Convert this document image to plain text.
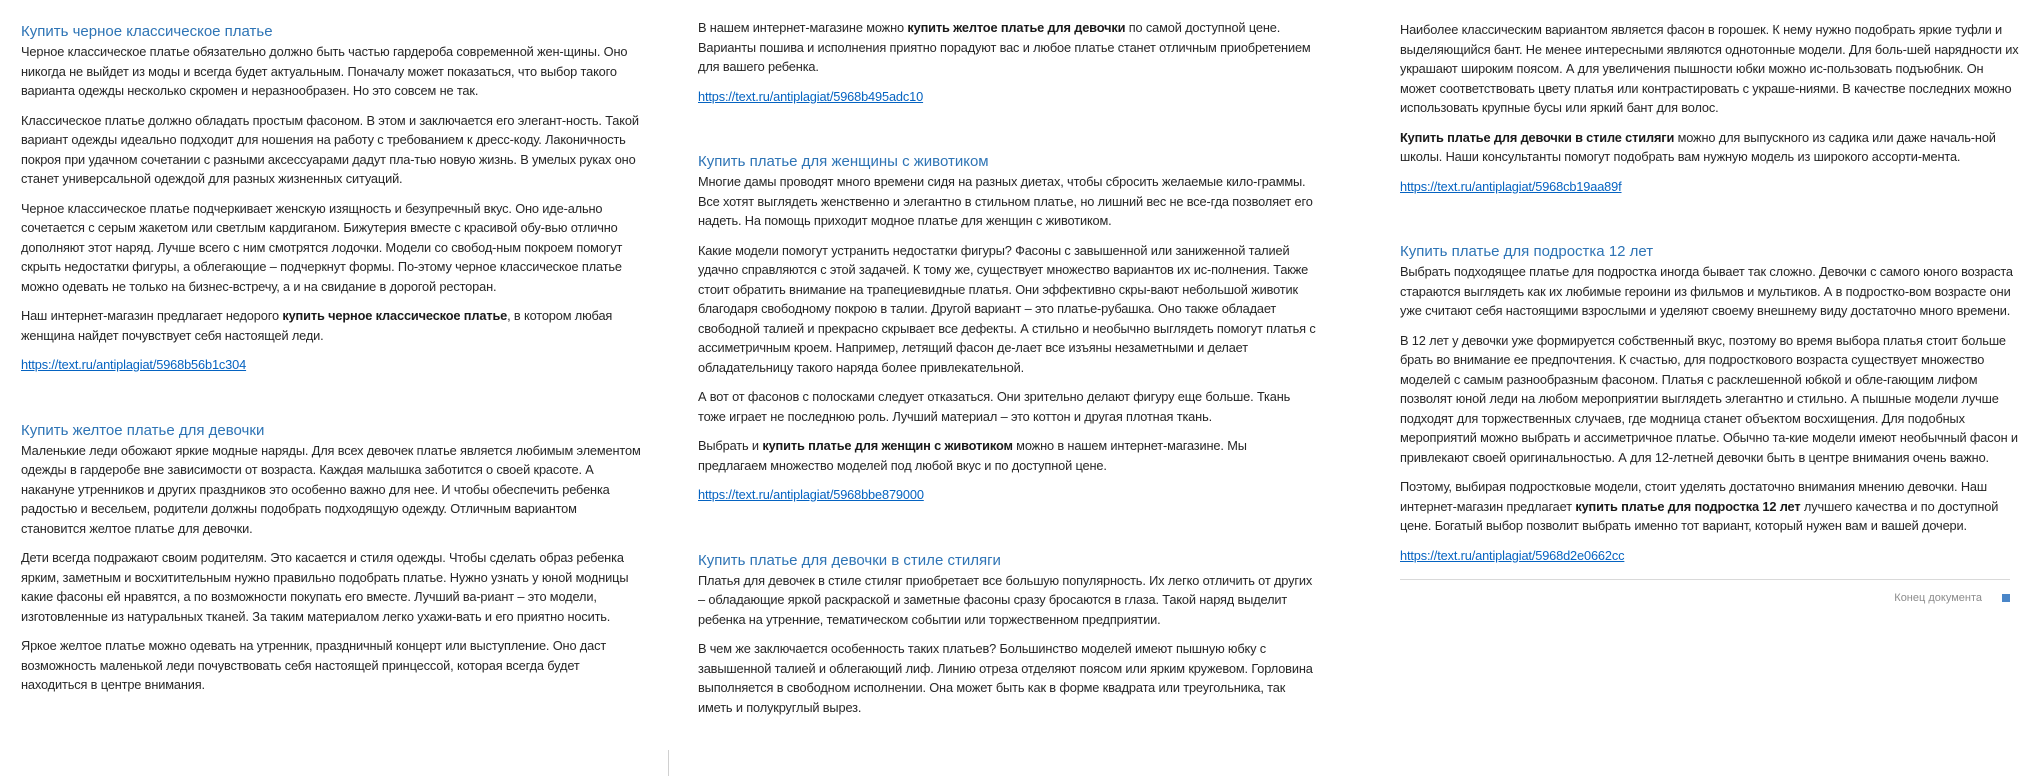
Купить черное классическое платье

Черное классическое платье обязательно должно быть частью гардероба современной жен-щины. Оно никогда не выйдет из моды и всегда будет актуальным. Поначалу может показаться, что выбор такого варианта одежды несколько скромен и неразнообразен. Но это совсем не так.

Классическое платье должно обладать простым фасоном. В этом и заключается его элегант-ность. Такой вариант одежды идеально подходит для ношения на работу с требованием к дресс-коду. Лаконичность покроя при удачном сочетании с разными аксессуарами дадут пла-тью новую жизнь. В умелых руках оно станет универсальной одеждой для разных жизненных ситуаций.

Черное классическое платье подчеркивает женскую изящность и безупречный вкус. Оно иде-ально сочетается с серым жакетом или светлым кардиганом. Бижутерия вместе с красивой обу-вью отлично дополняют этот наряд. Лучше всего с ним смотрятся лодочки. Модели со свобод-ным покроем помогут скрыть недостатки фигуры, а облегающие – подчеркнут формы. По-этому черное классическое платье можно одевать не только на бизнес-встречу, а и на свидание в дорогой ресторан.

Наш интернет-магазин предлагает недорого купить черное классическое платье, в котором любая женщина найдет почувствует себя настоящей леди.

https://text.ru/antiplagiat/5968b56b1c304

Купить желтое платье для девочки

Маленькие леди обожают яркие модные наряды. Для всех девочек платье является любимым элементом одежды в гардеробе вне зависимости от возраста. Каждая малышка заботится о своей красоте. А накануне утренников и других праздников это особенно важно для нее. И чтобы обеспечить ребенка радостью и весельем, родители должны подобрать подходящую одежду. Отличным вариантом становится желтое платье для девочки.

Дети всегда подражают своим родителям. Это касается и стиля одежды. Чтобы сделать образ ребенка ярким, заметным и восхитительным нужно правильно подобрать платье. Нужно узнать у юной модницы какие фасоны ей нравятся, а по возможности покупать его вместе. Лучший ва-риант – это модели, изготовленные из натуральных тканей. За таким материалом легко ухажи-вать и его приятно носить.

Яркое желтое платье можно одевать на утренник, праздничный концерт или выступление. Оно даст возможность маленькой леди почувствовать себя настоящей принцессой, которая всегда будет находиться в центре внимания.

В нашем интернет-магазине можно купить желтое платье для девочки по самой доступной цене. Варианты пошива и исполнения приятно порадуют вас и любое платье станет отличным приобретением для вашего ребенка.

https://text.ru/antiplagiat/5968b495adc10

Купить платье для женщины с животиком

Многие дамы проводят много времени сидя на разных диетах, чтобы сбросить желаемые кило-граммы. Все хотят выглядеть женственно и элегантно в стильном платье, но лишний вес не все-гда позволяет его надеть. На помощь приходит модное платье для женщин с животиком.

Какие модели помогут устранить недостатки фигуры? Фасоны с завышенной или заниженной талией удачно справляются с этой задачей. К тому же, существует множество вариантов их ис-полнения. Также стоит обратить внимание на трапециевидные платья. Они эффективно скры-вают небольшой животик благодаря свободному покрою в талии. Другой вариант – это платье-рубашка. Оно также обладает свободной талией и прекрасно скрывает все дефекты. А стильно и необычно выглядеть помогут платья с ассиметричным кроем. Например, летящий фасон де-лает все изъяны незаметными и делает обладательницу такого наряда более привлекательной.

А вот от фасонов с полосками следует отказаться. Они зрительно делают фигуру еще больше. Ткань тоже играет не последнюю роль. Лучший материал – это коттон и другая плотная ткань.

Выбрать и купить платье для женщин с животиком можно в нашем интернет-магазине. Мы предлагаем множество моделей под любой вкус и по доступной цене.

https://text.ru/antiplagiat/5968bbe879000

Купить платье для девочки в стиле стиляги

Платья для девочек в стиле стиляг приобретает все большую популярность. Их легко отличить от других – обладающие яркой раскраской и заметные фасоны сразу бросаются в глаза. Такой наряд выделит ребенка на утренние, тематическом событии или торжественном предприятии.

В чем же заключается особенность таких платьев? Большинство моделей имеют пышную юбку с завышенной талией и облегающий лиф. Линию отреза отделяют поясом или ярким кружевом. Горловина выполняется в свободном исполнении. Она может быть как в форме квадрата или треугольника, так иметь и полукруглый вырез.

Наиболее классическим вариантом является фасон в горошек. К нему нужно подобрать яркие туфли и выделяющийся бант. Не менее интересными являются однотонные модели. Для боль-шей нарядности их украшают широким поясом. А для увеличения пышности юбки можно ис-пользовать подъюбник. Он может соответствовать цвету платья или контрастировать с украше-ниями. В качестве последних можно использовать крупные бусы или яркий бант для волос.

Купить платье для девочки в стиле стиляги можно для выпускного из садика или даже началь-ной школы. Наши консультанты помогут подобрать вам нужную модель из широкого ассорти-мента.

https://text.ru/antiplagiat/5968cb19aa89f

Купить платье для подростка 12 лет

Выбрать подходящее платье для подростка иногда бывает так сложно. Девочки с самого юного возраста стараются выглядеть как их любимые героини из фильмов и мультиков. А в подростко-вом возрасте они уже считают себя настоящими взрослыми и уделяют своему внешнему виду достаточно много времени.

В 12 лет у девочки уже формируется собственный вкус, поэтому во время выбора платья стоит больше брать во внимание ее предпочтения. К счастью, для подросткового возраста существует множество моделей с самым разнообразным фасоном. Платья с расклешенной юбкой и обле-гающим лифом позволят юной леди на любом мероприятии выглядеть элегантно и стильно. А пышные модели лучше подходят для торжественных случаев, где модница станет объектом восхищения. Для подобных мероприятий можно выбрать и ассиметричное платье. Обычно та-кие модели имеют необычный фасон и привлекают своей оригинальностью. А для 12-летней девочки быть в центре внимания очень важно.

Поэтому, выбирая подростковые модели, стоит уделять достаточно внимания мнению девочки. Наш интернет-магазин предлагает купить платье для подростка 12 лет лучшего качества и по доступной цене. Богатый выбор позволит выбрать именно тот вариант, который нужен вам и вашей дочери.

https://text.ru/antiplagiat/5968d2e0662cc

Конец документа
